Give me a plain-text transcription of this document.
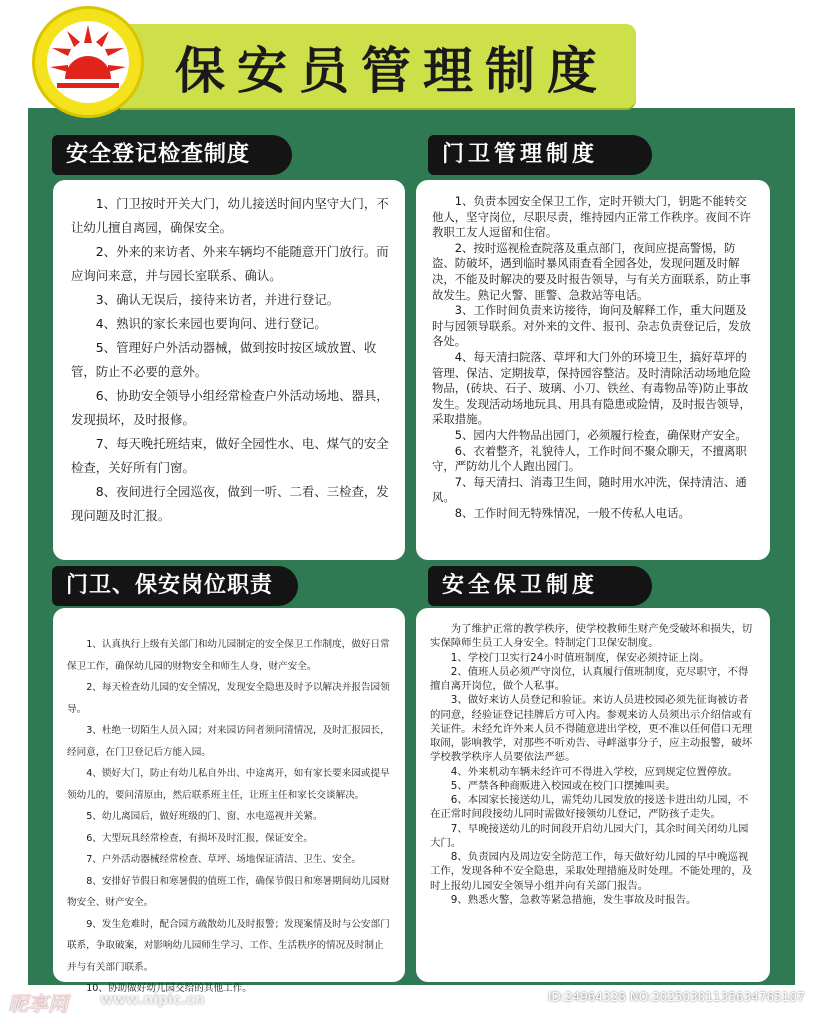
保安员管理制度
安全登记检查制度	门卫管理制度
门卫、保安岗位职责	安全保卫制度

1、门卫按时开关大门，幼儿接送时间内坚守大门，不让幼儿擅自离园，确保安全。

2、外来的来访者、外来车辆均不能随意开门放行。而应询问来意，并与园长室联系、确认。

3、确认无误后，接待来访者，并进行登记。

4、熟识的家长来园也要询问、进行登记。

5、管理好户外活动器械，做到按时按区域放置、收管，防止不必要的意外。

6、协助安全领导小组经常检查户外活动场地、器具，发现损坏，及时报修。

7、每天晚托班结束，做好全园性水、电、煤气的安全检查，关好所有门窗。

8、夜间进行全园巡夜，做到一听、二看、三检查，发现问题及时汇报。

1、负责本园安全保卫工作，定时开锁大门，钥匙不能转交他人，坚守岗位，尽职尽责，维持园内正常工作秩序。夜间不许教职工友人逗留和住宿。

2、按时巡视检查院落及重点部门，夜间应提高警惕，防盗、防破坏，遇到临时暴风雨查看全园各处，发现问题及时解决，不能及时解决的要及时报告领导，与有关方面联系，防止事故发生。熟记火警、匪警、急救站等电话。

3、工作时间负责来访接待，询问及解释工作，重大问题及时与园领导联系。对外来的文件、报刊、杂志负责登记后，发放各处。

4、每天清扫院落、草坪和大门外的环境卫生，搞好草坪的管理、保洁、定期拔草，保持园容整洁。及时清除活动场地危险物品，(砖块、石子、玻璃、小刀、铁丝、有毒物品等)防止事故发生。发现活动场地玩具、用具有隐患或险情，及时报告领导，采取措施。

5、园内大件物品出园门，必须履行检查，确保财产安全。

6、衣着整齐，礼貌待人，工作时间不聚众聊天，不擅离职守，严防幼儿个人跑出园门。

7、每天清扫、消毒卫生间，随时用水冲洗，保持清洁、通风。

8、工作时间无特殊情况，一般不传私人电话。

1、认真执行上级有关部门和幼儿园制定的安全保卫工作制度，做好日常保卫工作，确保幼儿园的财物安全和师生人身，财产安全。

2、每天检查幼儿园的安全情况，发现安全隐患及时予以解决并报告园领导。

3、杜绝一切陌生人员入园；对来园访问者须问清情况，及时汇报园长，经同意，在门卫登记后方能入园。

4、锁好大门，防止有幼儿私自外出、中途离开，如有家长要来园或提早领幼儿的，要问清原由，然后联系班主任，让班主任和家长交谈解决。

5、幼儿离园后，做好班级的门、窗、水电巡视并关紧。

6、大型玩具经常检查，有损坏及时汇报，保证安全。

7、户外活动器械经常检查、草坪、场地保证清洁、卫生、安全。

8、安排好节假日和寒暑假的值班工作，确保节假日和寒暑期间幼儿园财物安全、财产安全。

9、发生危难时，配合园方疏散幼儿及时报警；发现案情及时与公安部门联系，争取破案，对影响幼儿园师生学习、工作、生活秩序的情况及时制止并与有关部门联系。

10、协助做好幼儿园交给的其他工作。

为了维护正常的教学秩序，使学校教师生财产免受破坏和损失，切实保障师生员工人身安全。特制定门卫保安制度。

1、学校门卫实行24小时值班制度，保安必须持证上岗。

2、值班人员必须严守岗位，认真履行值班制度，克尽职守，不得擅自离开岗位，做个人私事。

3、做好来访人员登记和验证。来访人员进校园必须先征询被访者的同意，经验证登记挂牌后方可入内。参观来访人员须出示介绍信或有关证件。未经允许外来人员不得随意进出学校，更不准以任何借口无理取闹，影响教学，对那些不听劝告、寻衅滋事分子，应主动报警，破坏学校教学秩序人员要依法严惩。

4、外来机动车辆未经许可不得进入学校，应到规定位置停放。

5、严禁各种商贩进入校园或在校门口摆摊叫卖。

6、本园家长接送幼儿，需凭幼儿园发放的接送卡进出幼儿园，不在正常时间段接幼儿同时需做好接领幼儿登记，严防孩子走失。

7、早晚接送幼儿的时间段开启幼儿园大门，其余时间关闭幼儿园大门。

8、负责园内及周边安全防范工作，每天做好幼儿园的早中晚巡视工作，发现各种不安全隐患，采取处理措施及时处理。不能处理的，及时上报幼儿园安全领导小组并向有关部门报告。

9、熟悉火警，急救等紧急措施，发生事故及时报告。

昵享网 www.nipic.cn	ID:24964328 NO:20250301135634765107
